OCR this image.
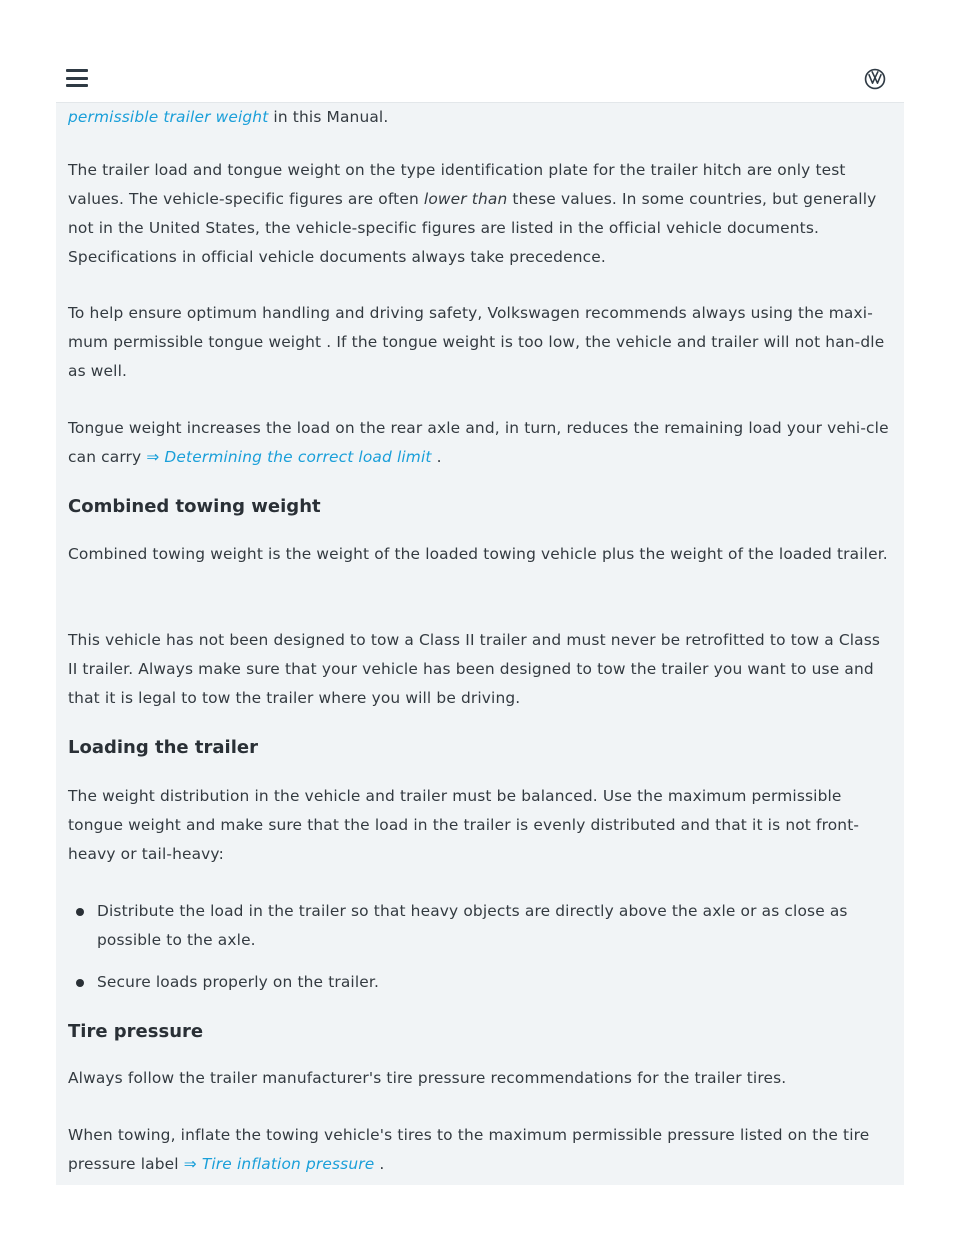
permissible trailer weight in this Manual.

The trailer load and tongue weight on the type identification plate for the trailer hitch are only test values. The vehicle-specific figures are often lower than these values. In some countries, but generally not in the United States, the vehicle-specific figures are listed in the official vehicle documents. Specifications in official vehicle documents always take precedence.

To help ensure optimum handling and driving safety, Volkswagen recommends always using the maxi-mum permissible tongue weight . If the tongue weight is too low, the vehicle and trailer will not han-dle as well.

Tongue weight increases the load on the rear axle and, in turn, reduces the remaining load your vehi-cle can carry ⇒ Determining the correct load limit .

Combined towing weight

Combined towing weight is the weight of the loaded towing vehicle plus the weight of the loaded trailer.

This vehicle has not been designed to tow a Class II trailer and must never be retrofitted to tow a Class II trailer. Always make sure that your vehicle has been designed to tow the trailer you want to use and that it is legal to tow the trailer where you will be driving.

Loading the trailer

The weight distribution in the vehicle and trailer must be balanced. Use the maximum permissible tongue weight and make sure that the load in the trailer is evenly distributed and that it is not front-heavy or tail-heavy:

Distribute the load in the trailer so that heavy objects are directly above the axle or as close as possible to the axle.

Secure loads properly on the trailer.

Tire pressure

Always follow the trailer manufacturer's tire pressure recommendations for the trailer tires.

When towing, inflate the towing vehicle's tires to the maximum permissible pressure listed on the tire pressure label ⇒ Tire inflation pressure .
